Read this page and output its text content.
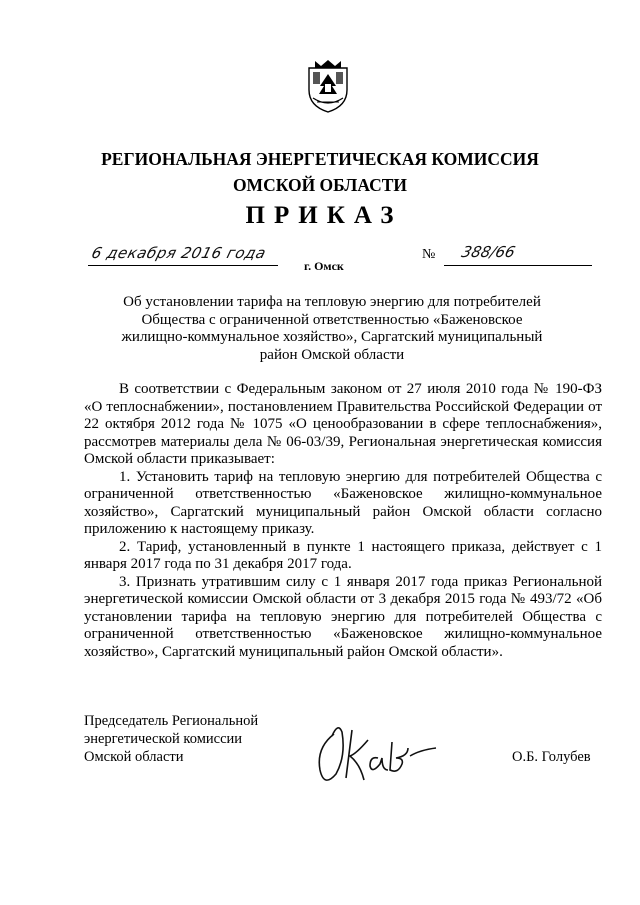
РЕГИОНАЛЬНАЯ ЭНЕРГЕТИЧЕСКАЯ КОМИССИЯ
ОМСКОЙ ОБЛАСТИ
ПРИКАЗ
6 декабря 2016 года
г. Омск
№ 388/66
Об установлении тарифа на тепловую энергию для потребителей Общества с ограниченной ответственностью «Баженовское жилищно-коммунальное хозяйство», Саргатский муниципальный район Омской области

В соответствии с Федеральным законом от 27 июля 2010 года № 190-ФЗ «О теплоснабжении», постановлением Правительства Российской Федерации от 22 октября 2012 года № 1075 «О ценообразовании в сфере теплоснабжения», рассмотрев материалы дела № 06-03/39, Региональная энергетическая комиссия Омской области приказывает:

1. Установить тариф на тепловую энергию для потребителей Общества с ограниченной ответственностью «Баженовское жилищно-коммунальное хозяйство», Саргатский муниципальный район Омской области согласно приложению к настоящему приказу.

2. Тариф, установленный в пункте 1 настоящего приказа, действует с 1 января 2017 года по 31 декабря 2017 года.

3. Признать утратившим силу с 1 января 2017 года приказ Региональной энергетической комиссии Омской области от 3 декабря 2015 года № 493/72 «Об установлении тарифа на тепловую энергию для потребителей Общества с ограниченной ответственностью «Баженовское жилищно-коммунальное хозяйство», Саргатский муниципальный район Омской области».

Председатель Региональной
энергетической комиссии
Омской области	О.Б. Голубев
